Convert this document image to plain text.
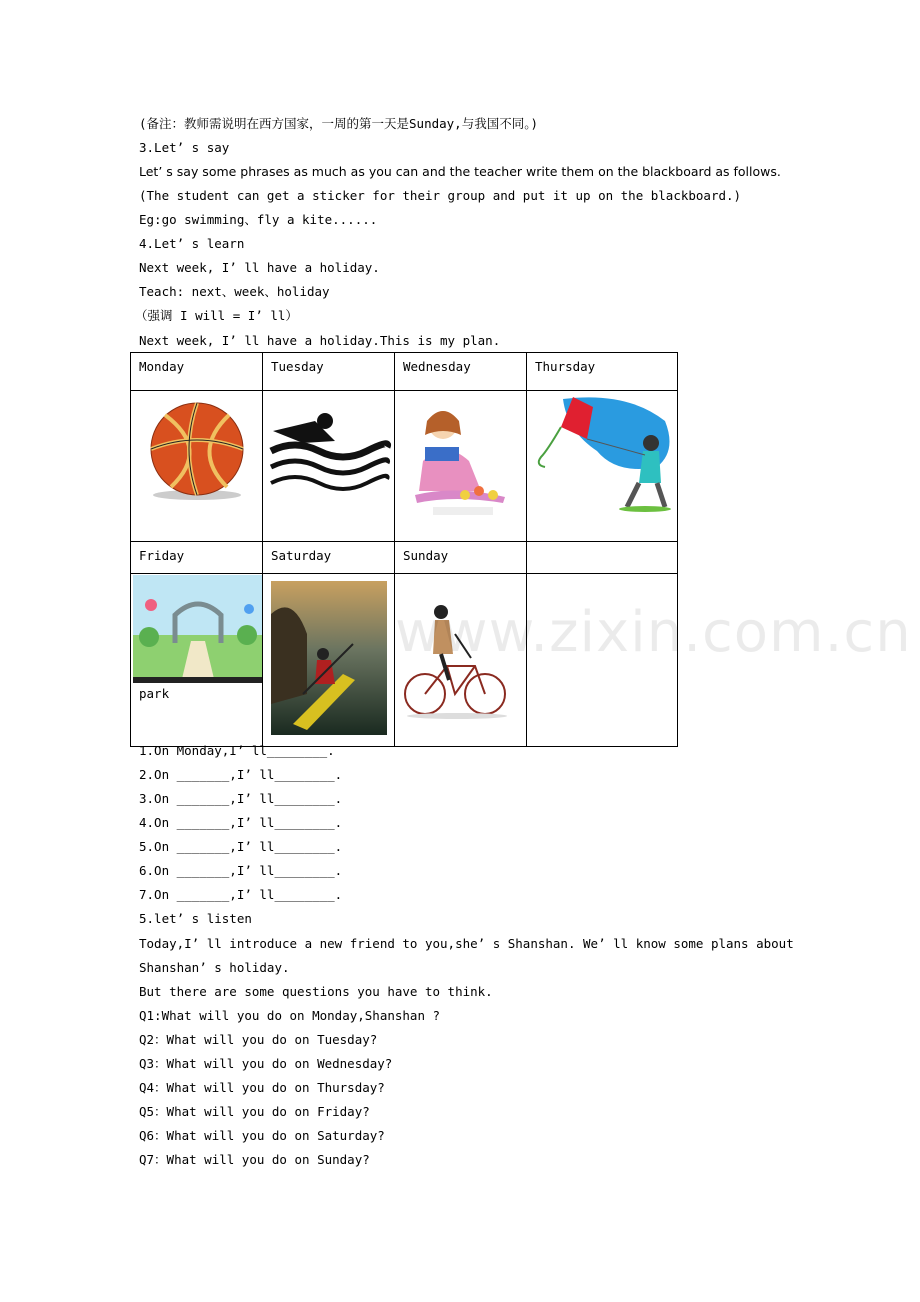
(备注：教师需说明在西方国家，一周的第一天是Sunday,与我国不同。)
3.Let’ s say
Let’ s say some phrases as much as you can and the teacher write them on the blackboard as follows.
(The student can get a sticker for their group and put it up on the blackboard.)
Eg:go swimming、fly a kite......
4.Let’ s learn
Next week, I’ ll have a holiday.
Teach: next、week、holiday
（强调 I will = I’ ll）
Next week, I’ ll have a holiday.This is my plan.
Monday	Tuesday	Wednesday	Thursday

Friday	Saturday	Sunday	

park

www.zixin.com.cn
1.On Monday,I’ ll________.
2.On _______,I’ ll________.
3.On _______,I’ ll________.
4.On _______,I’ ll________.
5.On _______,I’ ll________.
6.On _______,I’ ll________.
7.On _______,I’ ll________.
5.let’ s listen
Today,I’ ll introduce a new friend to you,she’ s Shanshan. We’ ll know some plans about
Shanshan’ s holiday.
But there are some questions you have to think.
Q1:What will you do on Monday,Shanshan ?
Q2：What will you do on Tuesday?
Q3：What will you do on Wednesday?
Q4：What will you do on Thursday?
Q5：What will you do on Friday?
Q6：What will you do on Saturday?
Q7：What will you do on Sunday?
